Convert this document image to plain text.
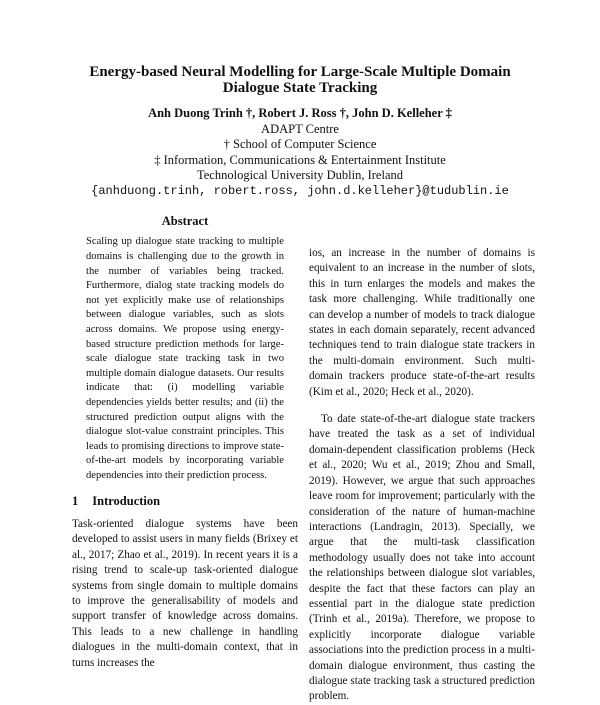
Energy-based Neural Modelling for Large-Scale Multiple Domain
Dialogue State Tracking
Anh Duong Trinh †, Robert J. Ross †, John D. Kelleher ‡
ADAPT Centre
† School of Computer Science
‡ Information, Communications & Entertainment Institute
Technological University Dublin, Ireland
{anhduong.trinh, robert.ross, john.d.kelleher}@tudublin.ie
Abstract

Scaling up dialogue state tracking to multiple domains is challenging due to the growth in the number of variables being tracked. Furthermore, dialog state tracking models do not yet explicitly make use of relationships between dialogue variables, such as slots across domains. We propose using energy-based structure prediction methods for large-scale dialogue state tracking task in two multiple domain dialogue datasets. Our results indicate that: (i) modelling variable dependencies yields better results; and (ii) the structured prediction output aligns with the dialogue slot-value constraint principles. This leads to promising directions to improve state-of-the-art models by incorporating variable dependencies into their prediction process.

1 Introduction

Task-oriented dialogue systems have been developed to assist users in many fields (Brixey et al., 2017; Zhao et al., 2019). In recent years it is a rising trend to scale-up task-oriented dialogue systems from single domain to multiple domains to improve the generalisability of models and support transfer of knowledge across domains. This leads to a new challenge in handling dialogues in the multi-domain context, that in turns increases the

ios, an increase in the number of domains is equivalent to an increase in the number of slots, this in turn enlarges the models and makes the task more challenging. While traditionally one can develop a number of models to track dialogue states in each domain separately, recent advanced techniques tend to train dialogue state trackers in the multi-domain environment. Such multi-domain trackers produce state-of-the-art results (Kim et al., 2020; Heck et al., 2020).

To date state-of-the-art dialogue state trackers have treated the task as a set of individual domain-dependent classification problems (Heck et al., 2020; Wu et al., 2019; Zhou and Small, 2019). However, we argue that such approaches leave room for improvement; particularly with the consideration of the nature of human-machine interactions (Landragin, 2013). Specially, we argue that the multi-task classification methodology usually does not take into account the relationships between dialogue slot variables, despite the fact that these factors can play an essential part in the dialogue state prediction (Trinh et al., 2019a). Therefore, we propose to explicitly incorporate dialogue variable associations into the prediction process in a multi-domain dialogue environment, thus casting the dialogue state tracking task a structured prediction problem.
